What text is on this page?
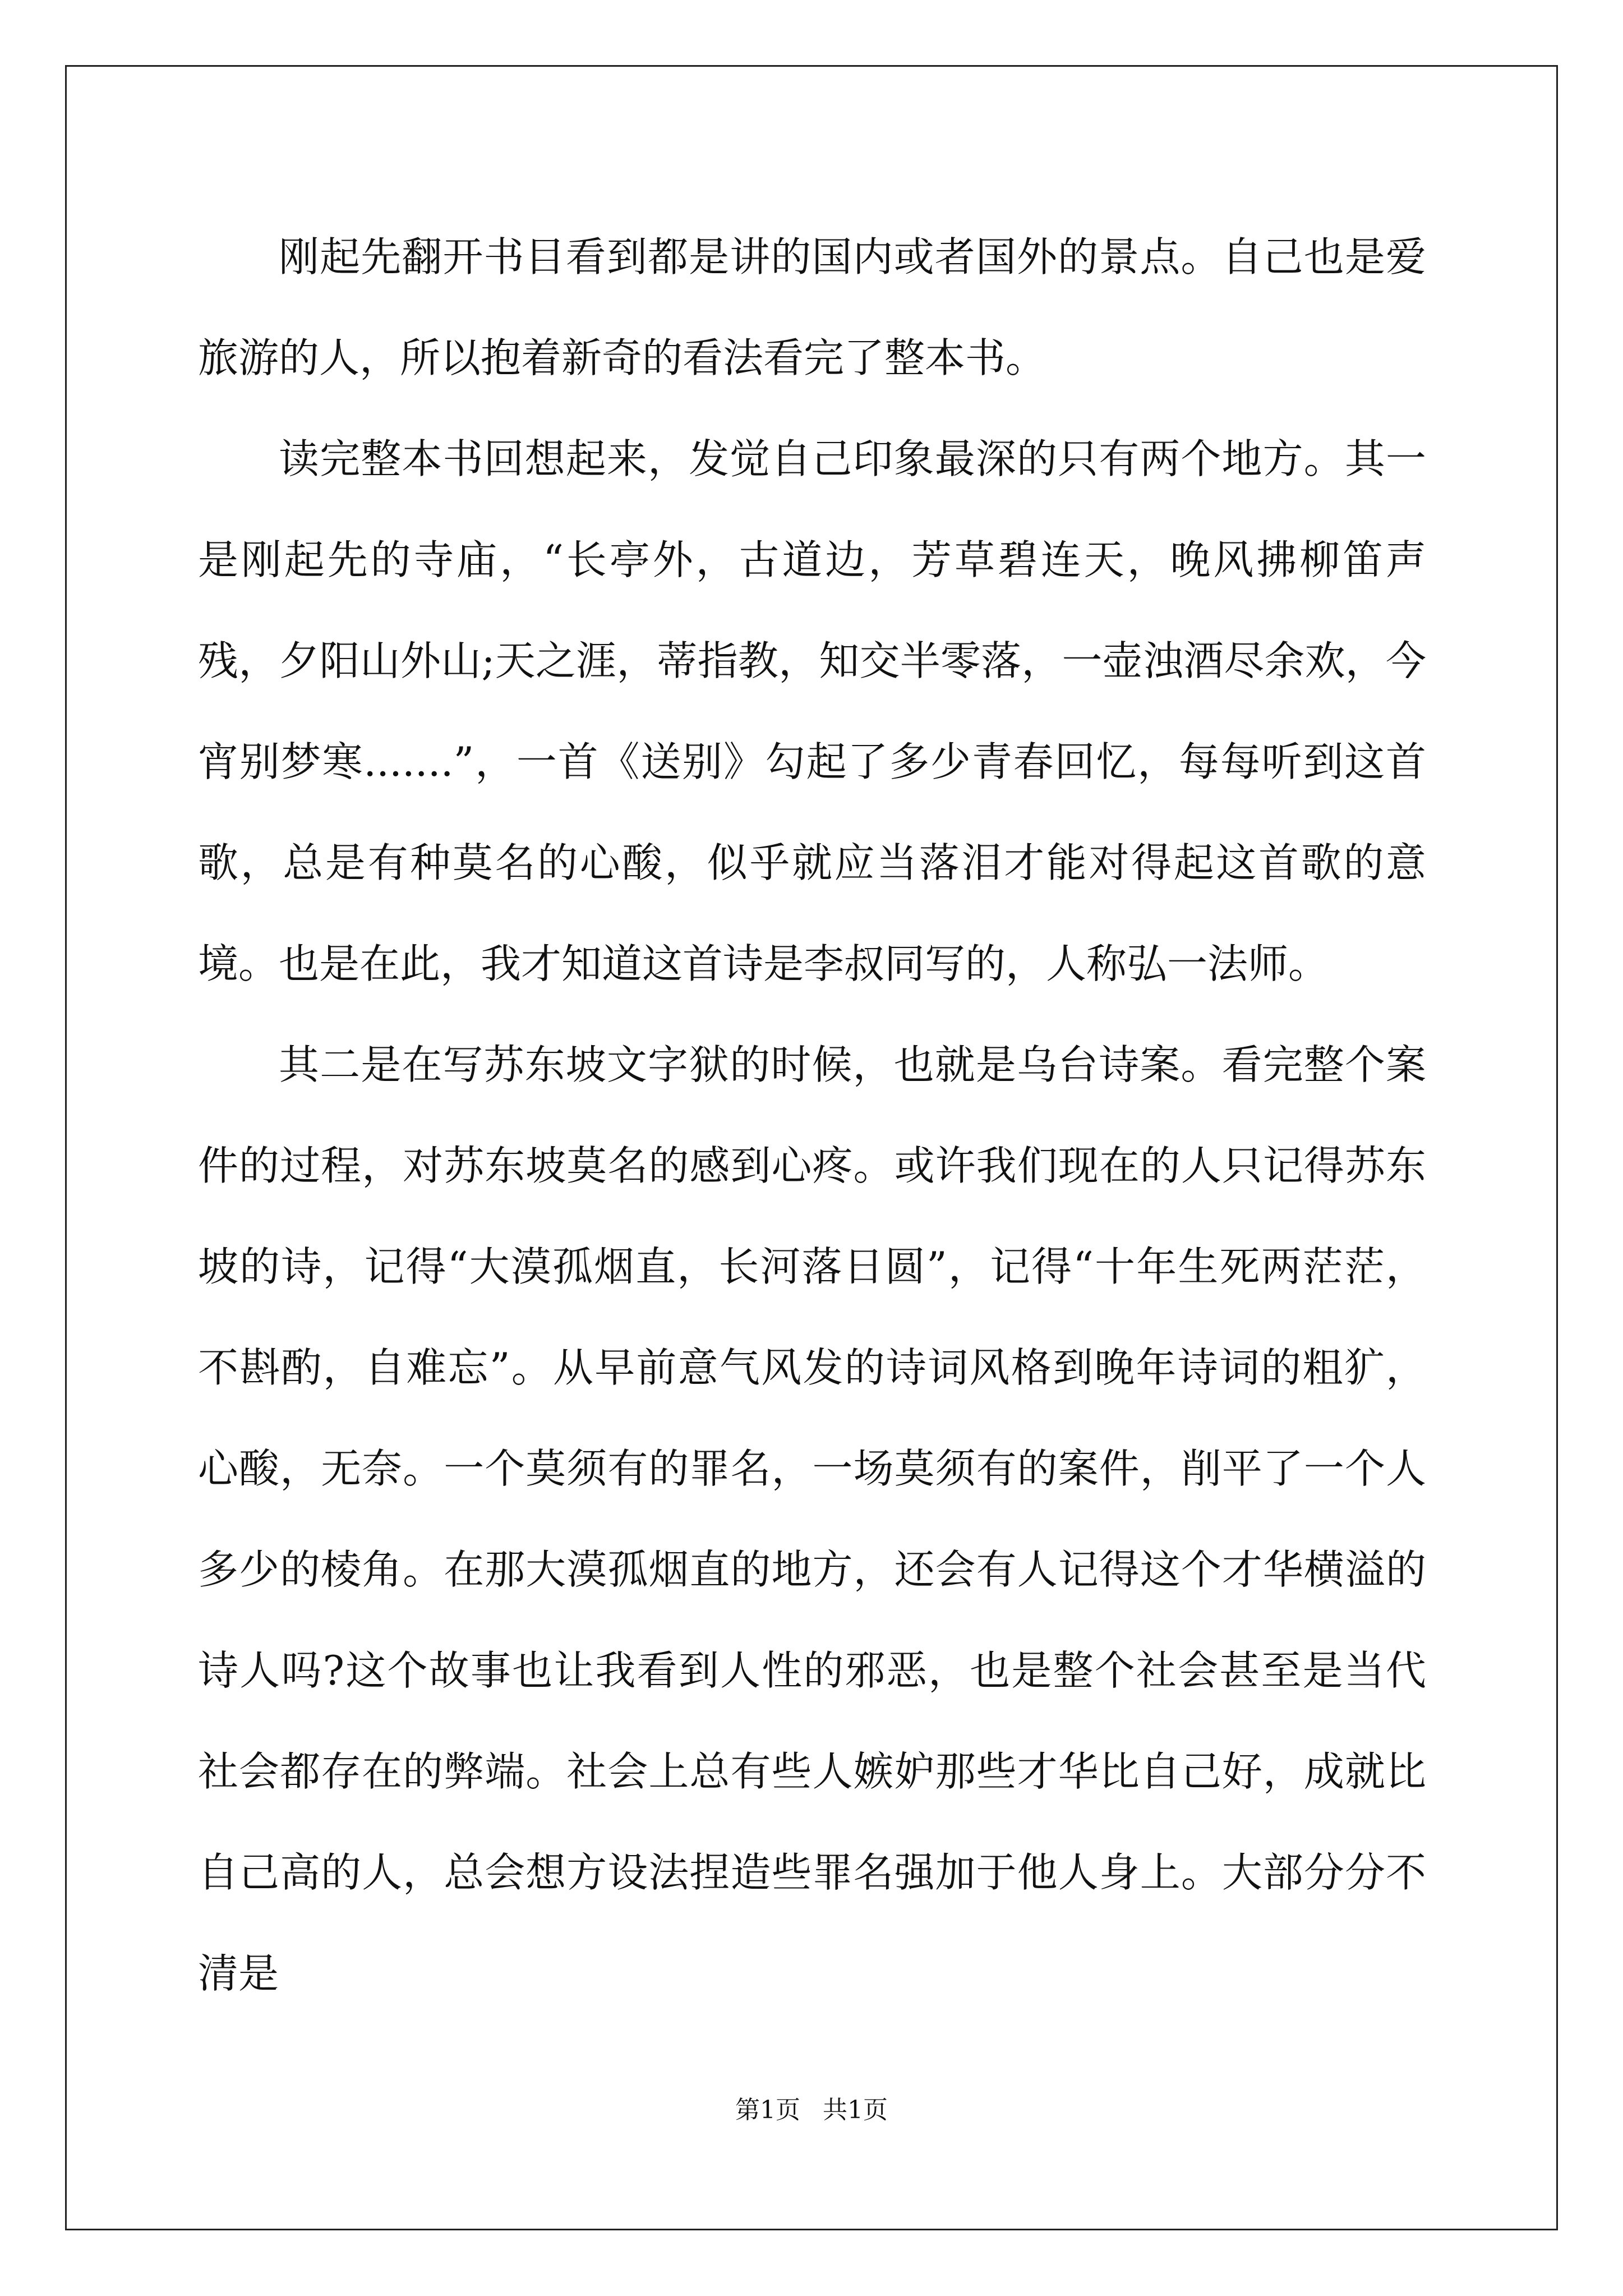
刚起先翻开书目看到都是讲的国内或者国外的景点。自己也是爱旅游的人，所以抱着新奇的看法看完了整本书。

读完整本书回想起来，发觉自己印象最深的只有两个地方。其一是刚起先的寺庙，“长亭外，古道边，芳草碧连天，晚风拂柳笛声残，夕阳山外山;天之涯，蒂指教，知交半零落，一壶浊酒尽余欢，今宵别梦寒.......”，一首《送别》勾起了多少青春回忆，每每听到这首歌，总是有种莫名的心酸，似乎就应当落泪才能对得起这首歌的意境。也是在此，我才知道这首诗是李叔同写的，人称弘一法师。

其二是在写苏东坡文字狱的时候，也就是乌台诗案。看完整个案件的过程，对苏东坡莫名的感到心疼。或许我们现在的人只记得苏东坡的诗，记得“大漠孤烟直，长河落日圆”，记得“十年生死两茫茫，不斟酌，自难忘”。从早前意气风发的诗词风格到晚年诗词的粗犷，心酸，无奈。一个莫须有的罪名，一场莫须有的案件，削平了一个人多少的棱角。在那大漠孤烟直的地方，还会有人记得这个才华横溢的诗人吗?这个故事也让我看到人性的邪恶，也是整个社会甚至是当代社会都存在的弊端。社会上总有些人嫉妒那些才华比自己好，成就比自己高的人，总会想方设法捏造些罪名强加于他人身上。大部分分不清是

第1页 共1页
